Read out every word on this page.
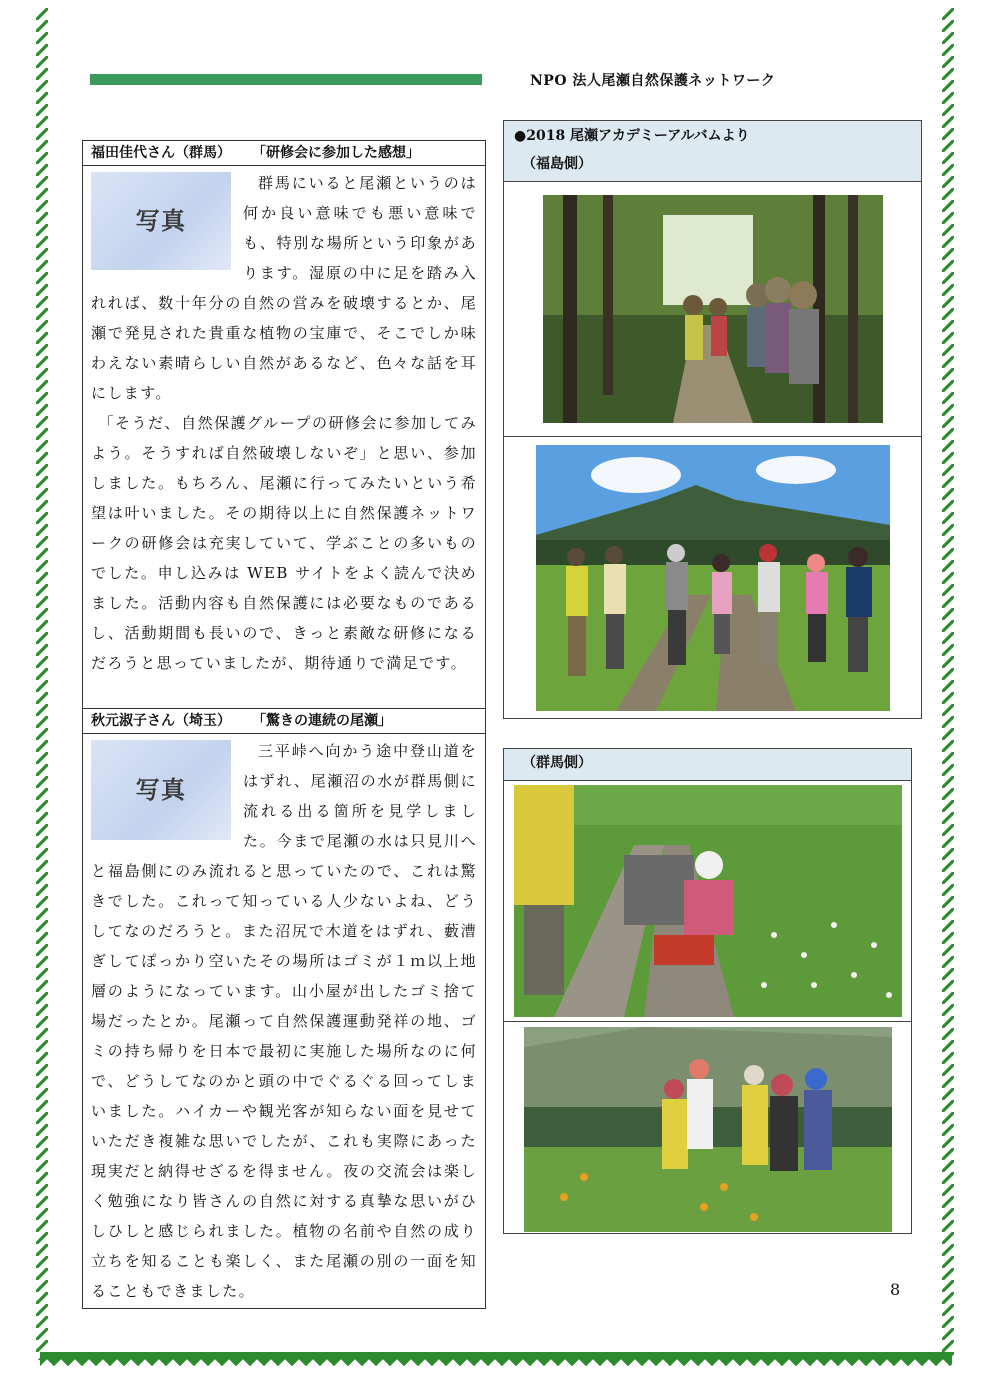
NPO 法人尾瀬自然保護ネットワーク
福田佳代さん（群馬） 「研修会に参加した感想」
写真
群馬にいると尾瀬というのは何か良い意味でも悪い意味でも、特別な場所という印象があります。湿原の中に足を踏み入れれば、数十年分の自然の営みを破壊するとか、尾瀬で発見された貴重な植物の宝庫で、そこでしか味わえない素晴らしい自然があるなど、色々な話を耳にします。
「そうだ、自然保護グループの研修会に参加してみよう。そうすれば自然破壊しないぞ」と思い、参加しました。もちろん、尾瀬に行ってみたいという希望は叶いました。その期待以上に自然保護ネットワークの研修会は充実していて、学ぶことの多いものでした。申し込みは WEB サイトをよく読んで決めました。活動内容も自然保護には必要なものであるし、活動期間も長いので、きっと素敵な研修になるだろうと思っていましたが、期待通りで満足です。
秋元淑子さん（埼玉） 「驚きの連続の尾瀬」
写真
三平峠へ向かう途中登山道をはずれ、尾瀬沼の水が群馬側に流れる出る箇所を見学しました。今まで尾瀬の水は只見川へと福島側にのみ流れると思っていたので、これは驚きでした。これって知っている人少ないよね、どうしてなのだろうと。また沼尻で木道をはずれ、藪漕ぎしてぽっかり空いたその場所はゴミが１ｍ以上地層のようになっています。山小屋が出したゴミ捨て場だったとか。尾瀬って自然保護運動発祥の地、ゴミの持ち帰りを日本で最初に実施した場所なのに何で、どうしてなのかと頭の中でぐるぐる回ってしまいました。ハイカーや観光客が知らない面を見せていただき複雑な思いでしたが、これも実際にあった現実だと納得せざるを得ません。夜の交流会は楽しく勉強になり皆さんの自然に対する真摯な思いがひしひしと感じられました。植物の名前や自然の成り立ちを知ることも楽しく、また尾瀬の別の一面を知ることもできました。
●2018 尾瀬アカデミーアルバムより
（福島側）
（群馬側）
8
